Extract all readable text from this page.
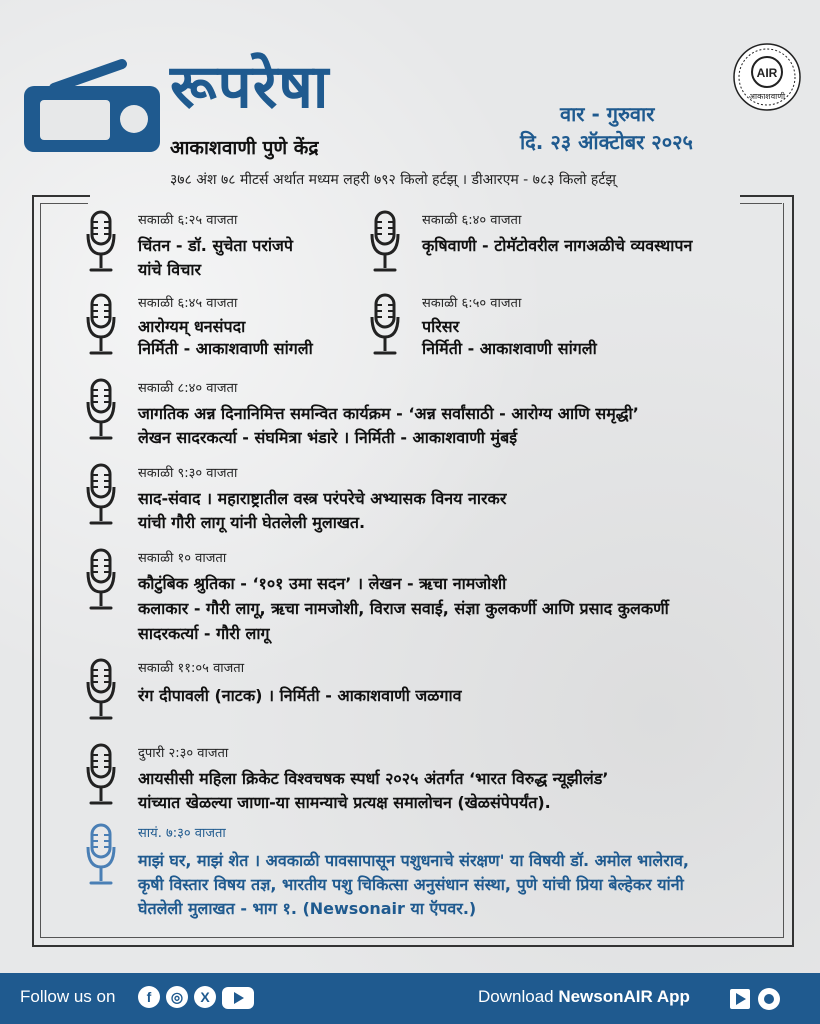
रूपरेषा
आकाशवाणी पुणे केंद्र
३७८ अंश ७८ मीटर्स अर्थात मध्यम लहरी ७९२ किलो हर्टझ् । डीआरएम - ७८३ किलो हर्टझ्
वार - गुरुवार
दि. २३ ऑक्टोबर २०२५
AIR
आकाशवाणी
सकाळी ६:२५ वाजता
चिंतन - डॉ. सुचेता परांजपे
यांचे विचार
सकाळी ६:४० वाजता
कृषिवाणी - टोमॅटोवरील नागअळीचे व्यवस्थापन
सकाळी ६:४५ वाजता
आरोग्यम् धनसंपदा
निर्मिती - आकाशवाणी सांगली
सकाळी ६:५० वाजता
परिसर
निर्मिती - आकाशवाणी सांगली
सकाळी ८:४० वाजता
जागतिक अन्न दिनानिमित्त समन्वित कार्यक्रम - ‘अन्न सर्वांसाठी - आरोग्य आणि समृद्धी’
लेखन सादरकर्त्या - संघमित्रा भंडारे । निर्मिती - आकाशवाणी मुंबई
सकाळी ९:३० वाजता
साद-संवाद । महाराष्ट्रातील वस्त्र परंपरेचे अभ्यासक विनय नारकर
यांची गौरी लागू यांनी घेतलेली मुलाखत.
सकाळी १० वाजता
कौटुंबिक श्रुतिका - ‘१०१ उमा सदन’ । लेखन - ऋचा नामजोशी
कलाकार - गौरी लागू, ऋचा नामजोशी, विराज सवाई, संज्ञा कुलकर्णी आणि प्रसाद कुलकर्णी
सादरकर्त्या - गौरी लागू
सकाळी ११:०५ वाजता
रंग दीपावली (नाटक) । निर्मिती - आकाशवाणी जळगाव
दुपारी २:३० वाजता
आयसीसी महिला क्रिकेट विश्वचषक स्पर्धा २०२५ अंतर्गत ‘भारत विरुद्ध न्यूझीलंड’
यांच्यात खेळल्या जाणा-या सामन्याचे प्रत्यक्ष समालोचन (खेळसंपेपर्यंत).
सायं. ७:३० वाजता
माझं घर, माझं शेत । अवकाळी पावसापासून पशुधनाचे संरक्षण' या विषयी डॉ. अमोल भालेराव,
कृषी विस्तार विषय तज्ञ, भारतीय पशु चिकित्सा अनुसंधान संस्था, पुणे यांची प्रिया बेल्हेकर यांनी
घेतलेली मुलाखत - भाग १. (Newsonair या ऍपवर.)
Follow us on	f	◎	X	Download NewsonAIR App
